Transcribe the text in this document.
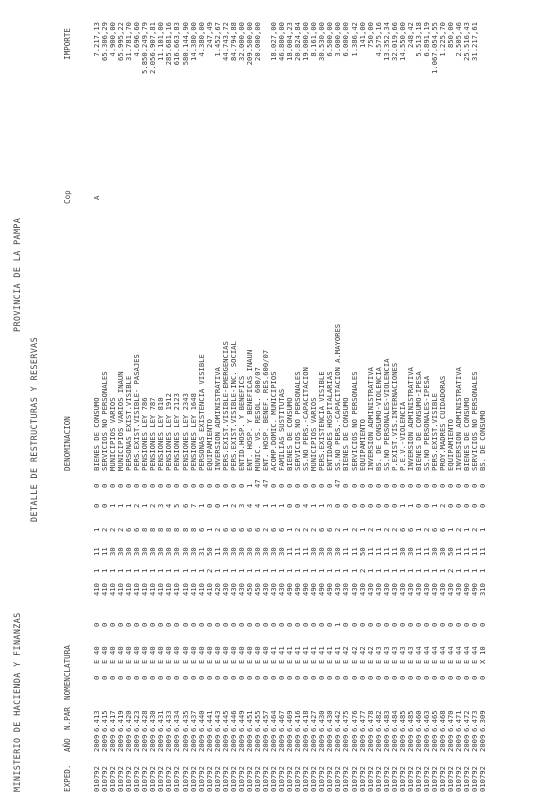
MINISTERIO DE HACIENDA Y FINANZAS
PROVINCIA DE LA PAMPA
DETALLE DE RESTRUCTURAS Y RESERVAS
EXPED.
AÑO
N.PAR
NOMENCLATURA
DENOMINACION
Cop
IMPORTE
A
010792
2009
6.413
0
E
40
0
410
1
11
1
0
0
BIENES DE CONSUMO
7.217,13
010792
2009
6.415
0
E
40
0
410
1
11
2
0
0
SERVICIOS NO PERSONALES
65.306,29
010792
2009
6.417
0
E
40
0
410
1
30
2
1
0
MUNICIPIOS VARIOS
4.900,00
010792
2009
6.419
0
E
40
0
410
1
30
2
1
0
MUNICIPIOS VARIOS INAUN
65.995,22
010792
2009
6.420
0
E
40
0
410
1
30
6
1
0
PERSONAS EXIST.VISIBLE
31.781,70
010792
2009
6.423
0
E
40
0
410
1
30
6
2
0
PERS.EXIST.VISIBLE- PASAJES
4.696,60
010792
2009
6.428
0
E
40
0
410
1
30
8
1
0
PENSIONES LEY 786
5.850.249,79
010792
2009
6.430
0
E
40
0
410
1
30
8
2
0
PENSIONES LEY 787
2.056.907,81
010792
2009
6.431
0
E
40
0
410
1
30
8
3
0
PENSIONES LEY 810
11.101,00
010792
2009
6.433
0
E
40
0
410
1
30
8
4
0
PENSIONES LEY 1912
285.681,16
010792
2009
6.434
0
E
40
0
410
1
30
8
5
0
PENSIONES LEY 2123
616.663,83
010792
2009
6.435
0
E
40
0
410
1
30
8
6
0
PENSIONES LEY 2343
580.144,90
010792
2009
6.437
0
E
40
0
410
1
30
8
7
0
PENSIONES LEY 1648
14.380,00
010792
2009
6.440
0
E
40
0
410
1
31
6
1
0
PERSONAS EXISTENCIA VISIBLE
4.380,00
010792
2009
6.441
0
E
40
0
410
2
50
1
0
0
EQUIPAMIENTO
247,49
010792
2009
6.443
0
E
40
0
420
1
11
2
0
0
INVERSION ADMINISTRATIVA
1.452,67
010792
2009
6.445
0
E
40
0
430
1
30
6
1
0
PERS.EXIST.VISIBLE-EMERGENCIAS
44.743,72
010792
2009
6.446
0
E
40
0
430
1
30
6
2
0
PERS.EXIST.VISIBLE-INC. SOCIAL
84.794,88
010792
2009
6.449
0
E
40
0
430
1
30
6
3
0
ENTID.HOSP. Y BENEFICS
32.000,00
010792
2009
6.451
0
E
40
0
450
1
30
6
4
1
ENT. HOSP. Y BENEFICAS INAUN
209.500,00
010792
2009
6.455
0
E
40
0
450
1
30
6
4
47
MUNIC. VS. RESOL. 600/07
20.000,00
010792
2009
6.457
0
E
40
0
430
1
30
2
1
47
ENT. HOSP. BENEF. RES.600/07
010792
2009
6.464
0
E
41
0
430
1
30
6
1
0
ACOMP.DOMIC. MUNICIPIOS
18.027,00
010792
2009
6.467
0
E
41
0
430
1
30
6
1
0
FAMILIAS SUSTITUTAS
46.800,00
010792
2009
6.469
0
E
41
0
490
1
11
1
0
0
BIENES DE CONSUMO
18.004,23
010792
2009
6.416
0
E
41
0
490
1
11
2
0
0
SERVICIOS NO PERSONALES
20.824,84
010792
2009
6.418
0
E
41
0
490
1
11
2
4
0
SS.NO PERS.-CAPACITACION
19.000,00
010792
2009
6.427
0
E
41
0
490
1
30
2
1
0
MUNICIPIOS VARIOS
8.161,00
010792
2009
6.430
0
E
41
0
490
1
30
6
1
0
PERS.EXISTENCIA VISIBLE
30.530,00
010792
2009
6.430
0
E
41
0
490
1
30
6
3
0
ENTIDADES HOSPITALARIAS
6.500,00
010792
2009
6.442
0
E
41
1
430
1
30
2
0
47
SS.NO PERS.-CAPACITACION A.MAYORES
3.000,00
010792
2009
6.475
0
E
42
0
430
1
11
1
0
0
BIENES DE CONSUMO
6.000,00
010792
2009
6.476
0
E
42
0
430
1
11
2
0
0
SERVICIOS NO PERSONALES
1.386,42
010792
2009
6.477
0
E
42
0
430
2
50
1
0
0
EQUIPAMIENTO
141,00
010792
2009
6.478
0
E
42
0
430
1
11
2
0
0
INVERSION ADMINISTRATIVA
750,00
010792
2009
6.482
0
E
43
0
430
1
11
1
0
0
BS. DE CONSUMO-VIOLENCIA
4.575,16
010792
2009
6.483
0
E
43
0
430
1
11
2
0
0
SS.NO PERSONALES-VIOLENCIA
13.352,34
010792
2009
6.484
0
E
43
0
430
1
11
2
0
0
P.EXIST.VIS.INTERNACIONES
32.019,66
010792
2009
6.485
0
E
43
0
430
1
30
6
1
0
P.E.V.-VIOLENCIA
14.550,00
010792
2009
6.485
0
E
43
0
430
1
30
6
1
0
INVERSION ADMINISTRATIVA
248,42
010792
2009
6.460
0
E
44
0
430
1
11
1
0
0
BIENES DE CONSUMO-IPESA
5.513,18
010792
2009
6.463
0
E
44
0
430
1
11
2
0
0
SS.NO PERSONALES-IPESA
6.891,19
010792
2009
6.465
0
E
44
0
430
1
30
6
1
0
PERS.EXIST.VISIBLE
1.067.054,55
010792
2009
6.468
0
E
44
0
430
1
30
6
2
0
PROY.MADRES CUIDADORAS
1.225,70
010792
2009
6.470
0
E
44
0
430
2
50
1
0
0
EQUIPAMIENTO
850,00
010792
2009
6.471
0
E
44
0
430
1
11
2
0
0
INVERSION ADMINISTRATIVA
2.505,46
010792
2009
6.472
0
E
44
0
490
1
11
1
0
0
BIENES DE CONSUMO
25.516,43
010792
2009
6.473
0
E
44
0
490
1
11
2
0
0
SERVICIOS NO PERSONALES
31.217,61
010792
2009
6.309
0
X
10
0
310
1
11
1
0
0
BS. DE CONSUMO
